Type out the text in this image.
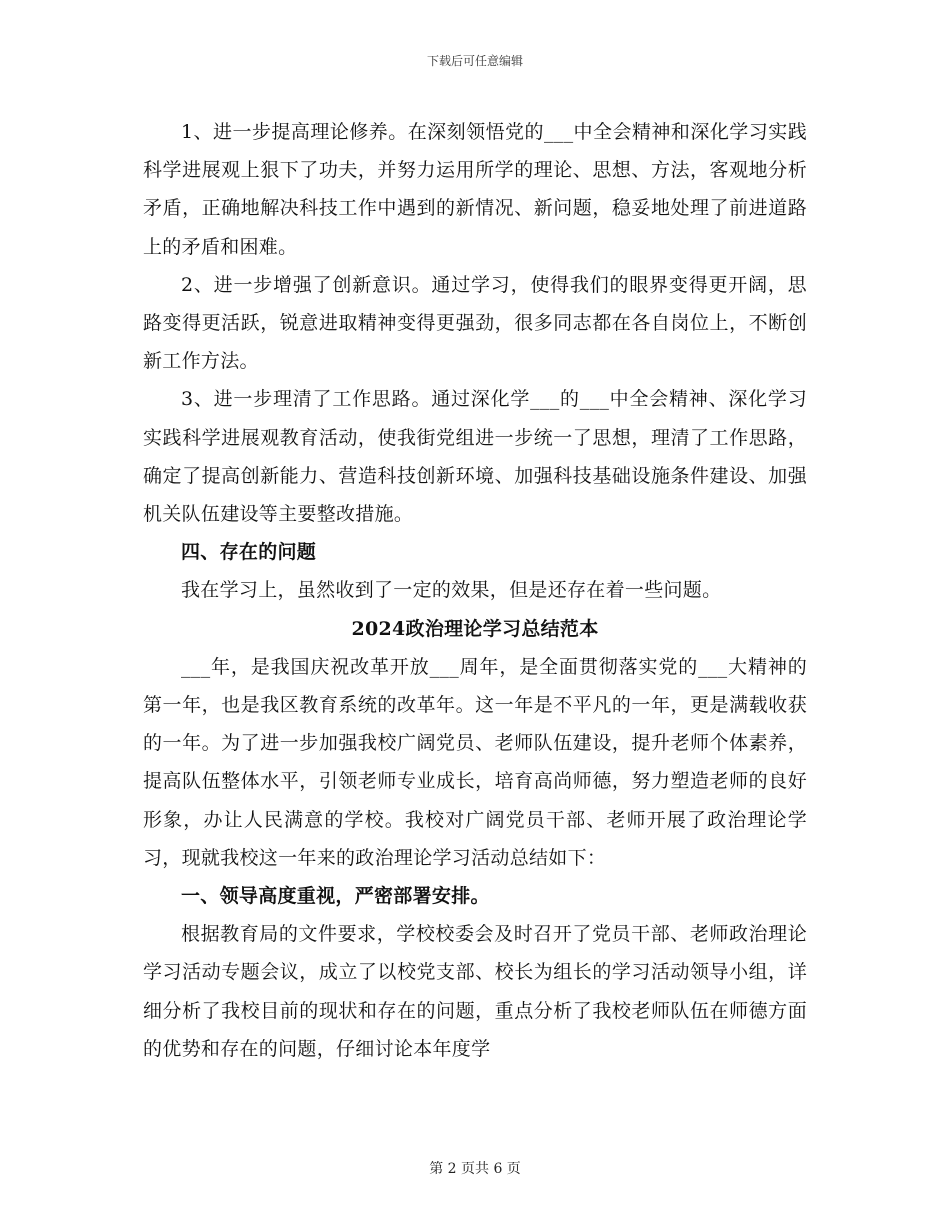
下载后可任意编辑

1、进一步提高理论修养。在深刻领悟党的___中全会精神和深化学习实践科学进展观上狠下了功夫，并努力运用所学的理论、思想、方法，客观地分析矛盾，正确地解决科技工作中遇到的新情况、新问题，稳妥地处理了前进道路上的矛盾和困难。

2、进一步增强了创新意识。通过学习，使得我们的眼界变得更开阔，思路变得更活跃，锐意进取精神变得更强劲，很多同志都在各自岗位上，不断创新工作方法。

3、进一步理清了工作思路。通过深化学___的___中全会精神、深化学习实践科学进展观教育活动，使我街党组进一步统一了思想，理清了工作思路，确定了提高创新能力、营造科技创新环境、加强科技基础设施条件建设、加强机关队伍建设等主要整改措施。

四、存在的问题

我在学习上，虽然收到了一定的效果，但是还存在着一些问题。

2024政治理论学习总结范本

___年，是我国庆祝改革开放___周年，是全面贯彻落实党的___大精神的第一年，也是我区教育系统的改革年。这一年是不平凡的一年，更是满载收获的一年。为了进一步加强我校广阔党员、老师队伍建设，提升老师个体素养，提高队伍整体水平，引领老师专业成长，培育高尚师德，努力塑造老师的良好形象，办让人民满意的学校。我校对广阔党员干部、老师开展了政治理论学习，现就我校这一年来的政治理论学习活动总结如下：

一、领导高度重视，严密部署安排。

根据教育局的文件要求，学校校委会及时召开了党员干部、老师政治理论学习活动专题会议，成立了以校党支部、校长为组长的学习活动领导小组，详细分析了我校目前的现状和存在的问题，重点分析了我校老师队伍在师德方面的优势和存在的问题，仔细讨论本年度学

第 2 页共 6 页
